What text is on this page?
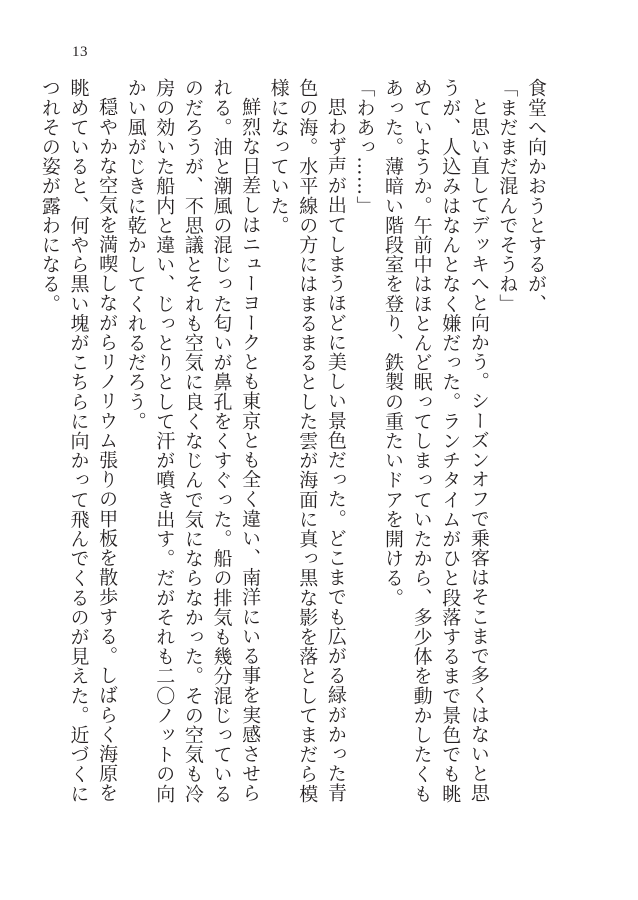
13

食堂へ向かおうとするが、

「まだまだ混んでそうね」

と思い直してデッキへと向かう。シーズンオフで乗客はそこまで多くはないと思うが、人込みはなんとなく嫌だった。ランチタイムがひと段落するまで景色でも眺めていようか。午前中はほとんど眠ってしまっていたから、多少体を動かしたくもあった。薄暗い階段室を登り、鉄製の重たいドアを開ける。

「わあっ……」

思わず声が出てしまうほどに美しい景色だった。どこまでも広がる緑がかった青色の海。水平線の方にはまるまるとした雲が海面に真っ黒な影を落としてまだら模様になっていた。

鮮烈な日差しはニューヨークとも東京とも全く違い、南洋にいる事を実感させられる。油と潮風の混じった匂いが鼻孔をくすぐった。船の排気も幾分混じっているのだろうが、不思議とそれも空気に良くなじんで気にならなかった。その空気も冷房の効いた船内と違い、じっとりとして汗が噴き出す。だがそれも二〇ノットの向かい風がじきに乾かしてくれるだろう。

穏やかな空気を満喫しながらリノリウム張りの甲板を散歩する。しばらく海原を眺めていると、何やら黒い塊がこちらに向かって飛んでくるのが見えた。近づくにつれその姿が露わになる。
